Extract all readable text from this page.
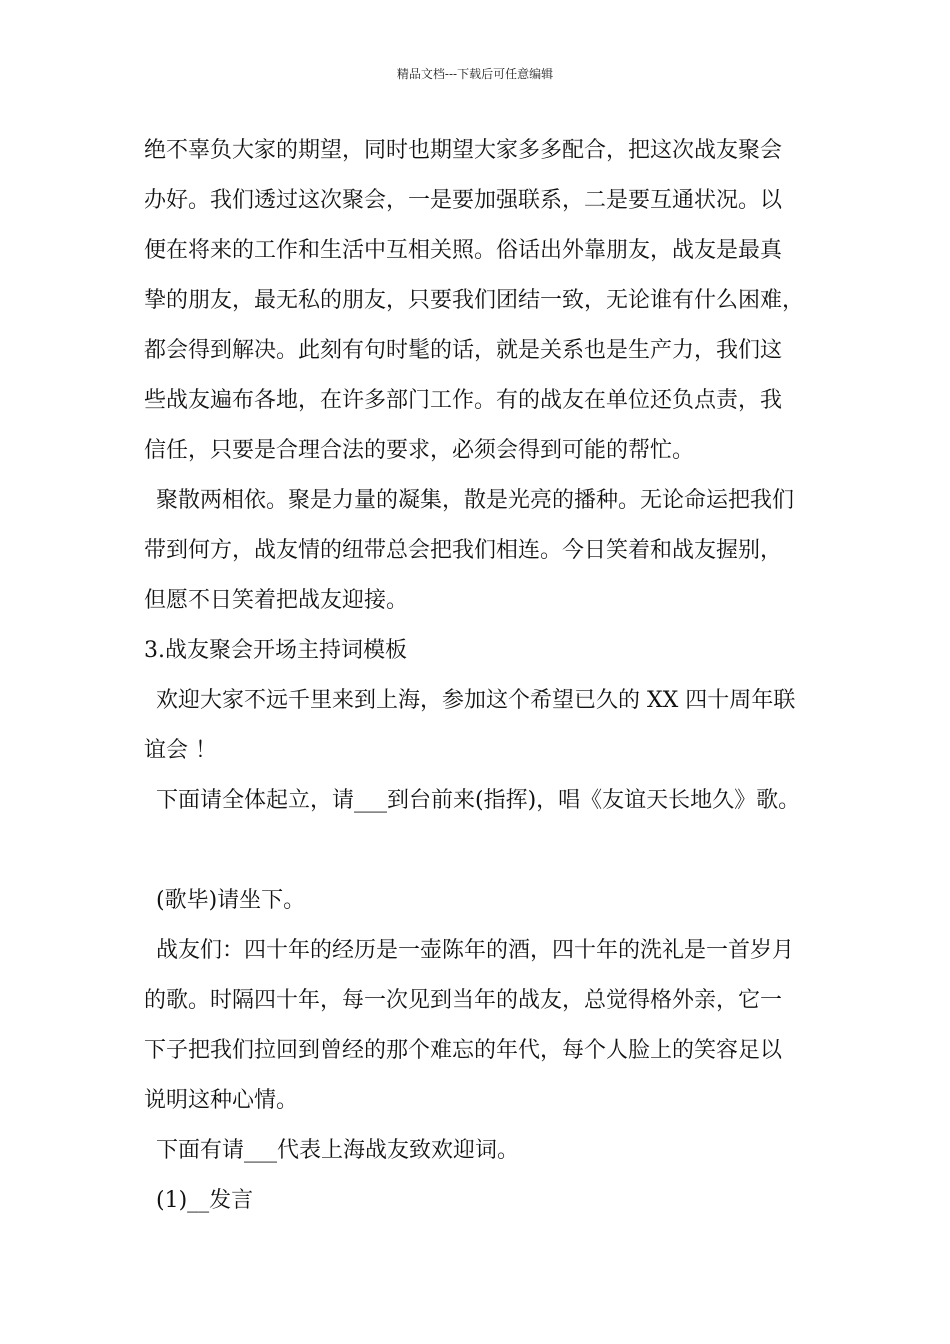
精品文档---下载后可任意编辑
绝不辜负大家的期望，同时也期望大家多多配合，把这次战友聚会
办好。我们透过这次聚会，一是要加强联系，二是要互通状况。以
便在将来的工作和生活中互相关照。俗话出外靠朋友，战友是最真
挚的朋友，最无私的朋友，只要我们团结一致，无论谁有什么困难，
都会得到解决。此刻有句时髦的话，就是关系也是生产力，我们这
些战友遍布各地，在许多部门工作。有的战友在单位还负点责，我
信任，只要是合理合法的要求，必须会得到可能的帮忙。
聚散两相依。聚是力量的凝集，散是光亮的播种。无论命运把我们
带到何方，战友情的纽带总会把我们相连。今日笑着和战友握别，
但愿不日笑着把战友迎接。
3.战友聚会开场主持词模板
欢迎大家不远千里来到上海，参加这个希望已久的 XX 四十周年联
谊会 ！
下面请全体起立，请___到台前来(指挥)，唱《友谊天长地久》歌。
(歌毕)请坐下。
战友们：四十年的经历是一壶陈年的酒，四十年的洗礼是一首岁月
的歌。时隔四十年，每一次见到当年的战友，总觉得格外亲，它一
下子把我们拉回到曾经的那个难忘的年代，每个人脸上的笑容足以
说明这种心情。
下面有请___代表上海战友致欢迎词。
(1)__发言
